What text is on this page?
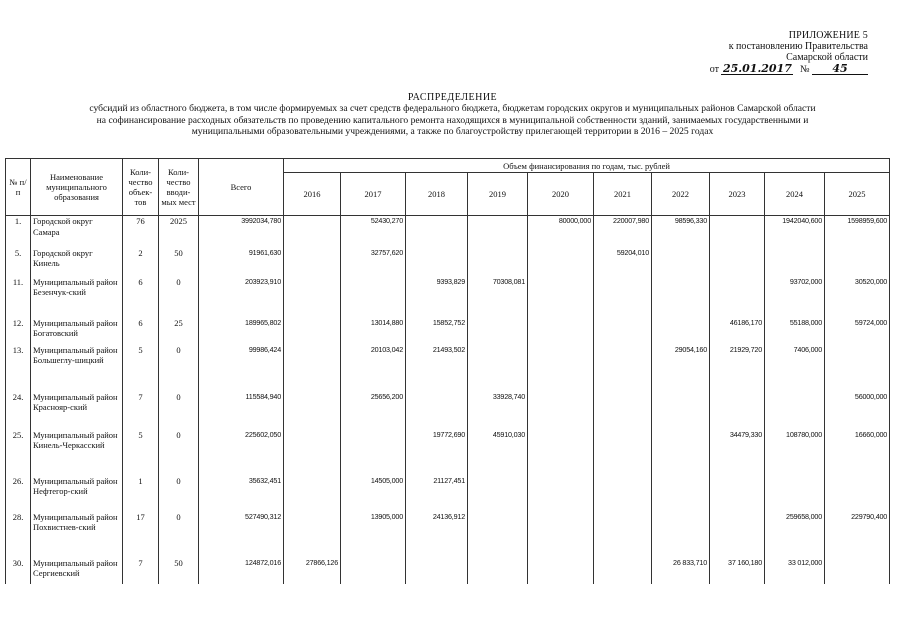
ПРИЛОЖЕНИЕ 5
к постановлению Правительства
Самарской области
от 25.01.2017 № 45
РАСПРЕДЕЛЕНИЕ
субсидий из областного бюджета, в том числе формируемых за счет средств федерального бюджета, бюджетам городских округов и муниципальных районов Самарской области
на софинансирование расходных обязательств по проведению капитального ремонта находящихся в муниципальной собственности зданий, занимаемых государственными и
муниципальными образовательными учреждениями, а также по благоустройству прилегающей территории в 2016 – 2025 годах
№ п/п	Наименование муниципального образования	Коли-чество объек-тов	Коли-чество вводи-мых мест	Всего	Объем финансирования по годам, тыс. рублей									
					2016	2017	2018	2019	2020	2021	2022	2023	2024	2025
1.	Городской округ Самара	76	2025	3992034,780		52430,270			80000,000	220007,980	98596,330		1942040,600	1598959,600
5.	Городской округ Кинель	2	50	91961,630		32757,620				59204,010				
11.	Муниципальный район Безенчук-ский	6	0	203923,910			9393,829	70308,081					93702,000	30520,000
12.	Муниципальный район Богатовский	6	25	189965,802		13014,880	15852,752					46186,170	55188,000	59724,000
13.	Муниципальный район Большеглу-шицкий	5	0	99986,424		20103,042	21493,502				29054,160	21929,720	7406,000	
24.	Муниципальный район Краснояр-ский	7	0	115584,940		25656,200		33928,740						56000,000
25.	Муниципальный район Кинель-Черкасский	5	0	225602,050			19772,690	45910,030				34479,330	108780,000	16660,000
26.	Муниципальный район Нефтегор-ский	1	0	35632,451		14505,000	21127,451							
28.	Муниципальный район Похвистнев-ский	17	0	527490,312		13905,000	24136,912						259658,000	229790,400
30.	Муниципальный район Сергиевский	7	50	124872,016	27866,126						26 833,710	37 160,180	33 012,000	
